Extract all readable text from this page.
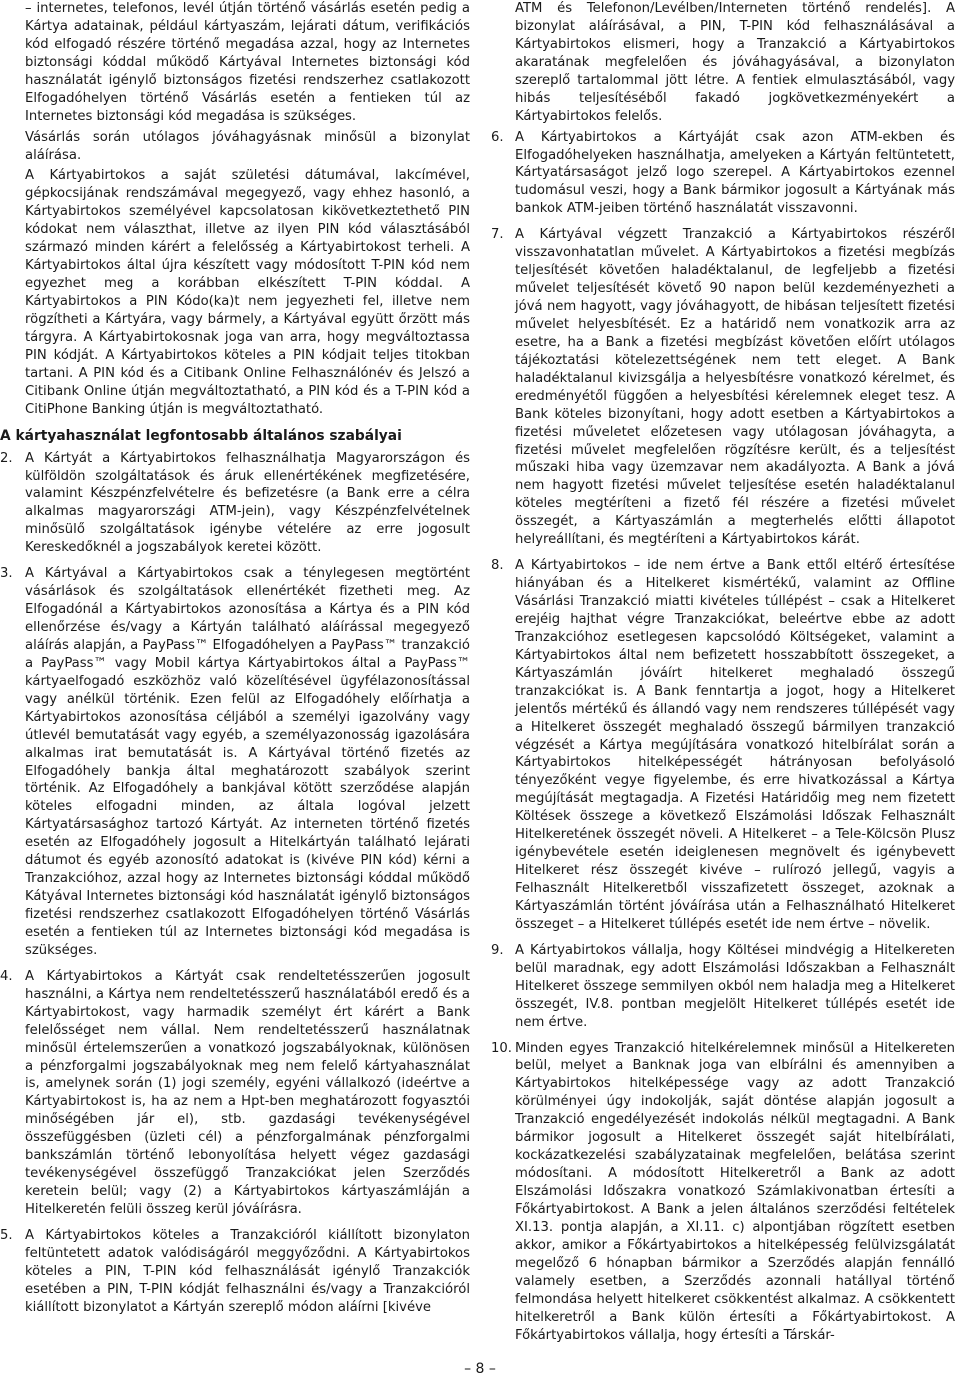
– internetes, telefonos, levél útján történő vásárlás esetén pedig a Kártya adatainak, például kártyaszám, lejárati dátum, verifikációs kód elfogadó részére történő megadása azzal, hogy az Internetes biztonsági kóddal működő Kártyával Internetes biztonsági kód használatát igénylő biztonságos fizetési rendszerhez csatlakozott Elfogadóhelyen történő Vásárlás esetén a fentieken túl az Internetes biztonsági kód megadása is szükséges.

Vásárlás során utólagos jóváhagyásnak minősül a bizonylat aláírása.

A Kártyabirtokos a saját születési dátumával, lakcímével, gépkocsijának rendszámával megegyező, vagy ehhez hasonló, a Kártyabirtokos személyével kapcsolatosan kikövetkeztethető PIN kódokat nem választhat, illetve az ilyen PIN kód választásából származó minden kárért a felelősség a Kártyabirtokost terheli. A Kártyabirtokos által újra készített vagy módosított T-PIN kód nem egyezhet meg a korábban elkészített T-PIN kóddal. A Kártyabirtokos a PIN Kódo(ka)t nem jegyezheti fel, illetve nem rögzítheti a Kártyára, vagy bármely, a Kártyával együtt őrzött más tárgyra. A Kártyabirtokosnak joga van arra, hogy megváltoztassa PIN kódját. A Kártyabirtokos köteles a PIN kódjait teljes titokban tartani. A PIN kód és a Citibank Online Felhasználónév és Jelszó a Citibank Online útján megváltoztatható, a PIN kód és a T-PIN kód a CitiPhone Banking útján is megváltoztatható.

A kártyahasználat legfontosabb általános szabályai
2. A Kártyát a Kártyabirtokos felhasználhatja Magyarországon és külföldön szolgáltatások és áruk ellenértékének megfizetésére, valamint Készpénzfelvételre és befizetésre (a Bank erre a célra alkalmas magyarországi ATM-jein), vagy Készpénzfelvételnek minősülő szolgáltatások igénybe vételére az erre jogosult Kereskedőknél a jogszabályok keretei között.
3. A Kártyával a Kártyabirtokos csak a ténylegesen megtörtént vásárlások és szolgáltatások ellenértékét fizetheti meg. Az Elfogadónál a Kártyabirtokos azonosítása a Kártya és a PIN kód ellenőrzése és/vagy a Kártyán található aláírással megegyező aláírás alapján, a PayPass™ Elfogadóhelyen a PayPass™ tranzakció a PayPass™ vagy Mobil kártya Kártyabirtokos által a PayPass™ kártyaelfogadó eszközhöz való közelítésével ügyfélazonosítással vagy anélkül történik. Ezen felül az Elfogadóhely előírhatja a Kártyabirtokos azonosítása céljából a személyi igazolvány vagy útlevél bemutatását vagy egyéb, a személyazonosság igazolására alkalmas irat bemutatását is. A Kártyával történő fizetés az Elfogadóhely bankja által meghatározott szabályok szerint történik. Az Elfogadóhely a bankjával kötött szerződése alapján köteles elfogadni minden, az általa logóval jelzett Kártyatársasághoz tartozó Kártyát. Az interneten történő fizetés esetén az Elfogadóhely jogosult a Hitelkártyán található lejárati dátumot és egyéb azonosító adatokat is (kivéve PIN kód) kérni a Tranzakcióhoz, azzal hogy az Internetes biztonsági kóddal működő Kátyával Internetes biztonsági kód használatát igénylő biztonságos fizetési rendszerhez csatlakozott Elfogadóhelyen történő Vásárlás esetén a fentieken túl az Internetes biztonsági kód megadása is szükséges.
4. A Kártyabirtokos a Kártyát csak rendeltetésszerűen jogosult használni, a Kártya nem rendeltetésszerű használatából eredő és a Kártyabirtokost, vagy harmadik személyt ért kárért a Bank felelősséget nem vállal. Nem rendeltetésszerű használatnak minősül értelemszerűen a vonatkozó jogszabályoknak, különösen a pénzforgalmi jogszabályoknak meg nem felelő kártyahasználat is, amelynek során (1) jogi személy, egyéni vállalkozó (ideértve a Kártyabirtokost is, ha az nem a Hpt-ben meghatározott fogyasztói minőségében jár el), stb. gazdasági tevékenységével összefüggésben (üzleti cél) a pénzforgalmának pénzforgalmi bankszámlán történő lebonyolítása helyett végez gazdasági tevékenységével összefüggő Tranzakciókat jelen Szerződés keretein belül; vagy (2) a Kártyabirtokos kártyaszámláján a Hitelkeretén felüli összeg kerül jóváírásra.
5. A Kártyabirtokos köteles a Tranzakcióról kiállított bizonylaton feltüntetett adatok valódiságáról meggyőződni. A Kártyabirtokos köteles a PIN, T-PIN kód felhasználását igénylő Tranzakciók esetében a PIN, T-PIN kódját felhasználni és/vagy a Tranzakcióról kiállított bizonylatot a Kártyán szereplő módon aláírni [kivéve

ATM és Telefonon/Levélben/Interneten történő rendelés]. A bizonylat aláírásával, a PIN, T-PIN kód felhasználásával a Kártyabirtokos elismeri, hogy a Tranzakció a Kártyabirtokos akaratának megfelelően és jóváhagyásával, a bizonylaton szereplő tartalommal jött létre. A fentiek elmulasztásából, vagy hibás teljesítéséből fakadó jogkövetkezményekért a Kártyabirtokos felelős.

6. A Kártyabirtokos a Kártyáját csak azon ATM-ekben és Elfogadóhelyeken használhatja, amelyeken a Kártyán feltüntetett, Kártyatársaságot jelző logo szerepel. A Kártyabirtokos ezennel tudomásul veszi, hogy a Bank bármikor jogosult a Kártyának más bankok ATM-jeiben történő használatát visszavonni.
7. A Kártyával végzett Tranzakció a Kártyabirtokos részéről visszavonhatatlan művelet. A Kártyabirtokos a fizetési megbízás teljesítését követően haladéktalanul, de legfeljebb a fizetési művelet teljesítését követő 90 napon belül kezdeményezheti a jóvá nem hagyott, vagy jóváhagyott, de hibásan teljesített fizetési művelet helyesbítését. Ez a határidő nem vonatkozik arra az esetre, ha a Bank a fizetési megbízást követően előírt utólagos tájékoztatási kötelezettségének nem tett eleget. A Bank haladéktalanul kivizsgálja a helyesbítésre vonatkozó kérelmet, és eredményétől függően a helyesbítési kérelemnek eleget tesz. A Bank köteles bizonyítani, hogy adott esetben a Kártyabirtokos a fizetési műveletet előzetesen vagy utólagosan jóváhagyta, a fizetési művelet megfelelően rögzítésre került, és a teljesítést műszaki hiba vagy üzemzavar nem akadályozta. A Bank a jóvá nem hagyott fizetési művelet teljesítése esetén haladéktalanul köteles megtéríteni a fizető fél részére a fizetési művelet összegét, a Kártyaszámlán a megterhelés előtti állapotot helyreállítani, és megtéríteni a Kártyabirtokos kárát.
8. A Kártyabirtokos – ide nem értve a Bank ettől eltérő értesítése hiányában és a Hitelkeret kismértékű, valamint az Offline Vásárlási Tranzakció miatti kivételes túllépést – csak a Hitelkeret erejéig hajthat végre Tranzakciókat, beleértve ebbe az adott Tranzakcióhoz esetlegesen kapcsolódó Költségeket, valamint a Kártyabirtokos által nem befizetett hosszabbított összegeket, a Kártyaszámlán jóváírt hitelkeret meghaladó összegű tranzakciókat is. A Bank fenntartja a jogot, hogy a Hitelkeret jelentős mértékű és állandó vagy nem rendszeres túllépését vagy a Hitelkeret összegét meghaladó összegű bármilyen tranzakció végzését a Kártya megújítására vonatkozó hitelbírálat során a Kártyabirtokos hitelképességét hátrányosan befolyásoló tényezőként vegye figyelembe, és erre hivatkozással a Kártya megújítását megtagadja. A Fizetési Határidőig meg nem fizetett Költések összege a következő Elszámolási Időszak Felhasznált Hitelkeretének összegét növeli. A Hitelkeret – a Tele-Kölcsön Plusz igénybevétele esetén ideiglenesen megnövelt és igénybevett Hitelkeret rész összegét kivéve – rulírozó jellegű, vagyis a Felhasznált Hitelkeretből visszafizetett összeget, azoknak a Kártyaszámlán történt jóváírása után a Felhasználható Hitelkeret összeget – a Hitelkeret túllépés esetét ide nem értve – növelik.
9. A Kártyabirtokos vállalja, hogy Költései mindvégig a Hitelkereten belül maradnak, egy adott Elszámolási Időszakban a Felhasznált Hitelkeret összege semmilyen okból nem haladja meg a Hitelkeret összegét, IV.8. pontban megjelölt Hitelkeret túllépés esetét ide nem értve.
10. Minden egyes Tranzakció hitelkérelemnek minősül a Hitelkereten belül, melyet a Banknak joga van elbírálni és amennyiben a Kártyabirtokos hitelképessége vagy az adott Tranzakció körülményei úgy indokolják, saját döntése alapján jogosult a Tranzakció engedélyezését indokolás nélkül megtagadni. A Bank bármikor jogosult a Hitelkeret összegét saját hitelbírálati, kockázatkezelési szabályzatainak megfelelően, belátása szerint módosítani. A módosított Hitelkeretről a Bank az adott Elszámolási Időszakra vonatkozó Számlakivonatban értesíti a Főkártyabirtokost. A Bank a jelen általános szerződési feltételek XI.13. pontja alapján, a XI.11. c) alpontjában rögzített esetben akkor, amikor a Főkártyabirtokos a hitelképesség felülvizsgálatát megelőző 6 hónapban bármikor a Szerződés alapján fennálló valamely esetben, a Szerződés azonnali hatállyal történő felmondása helyett hitelkeret csökkentést alkalmaz. A csökkentett hitelkeretről a Bank külön értesíti a Főkártyabirtokost. A Főkártyabirtokos vállalja, hogy értesíti a Társkár-
– 8 –
